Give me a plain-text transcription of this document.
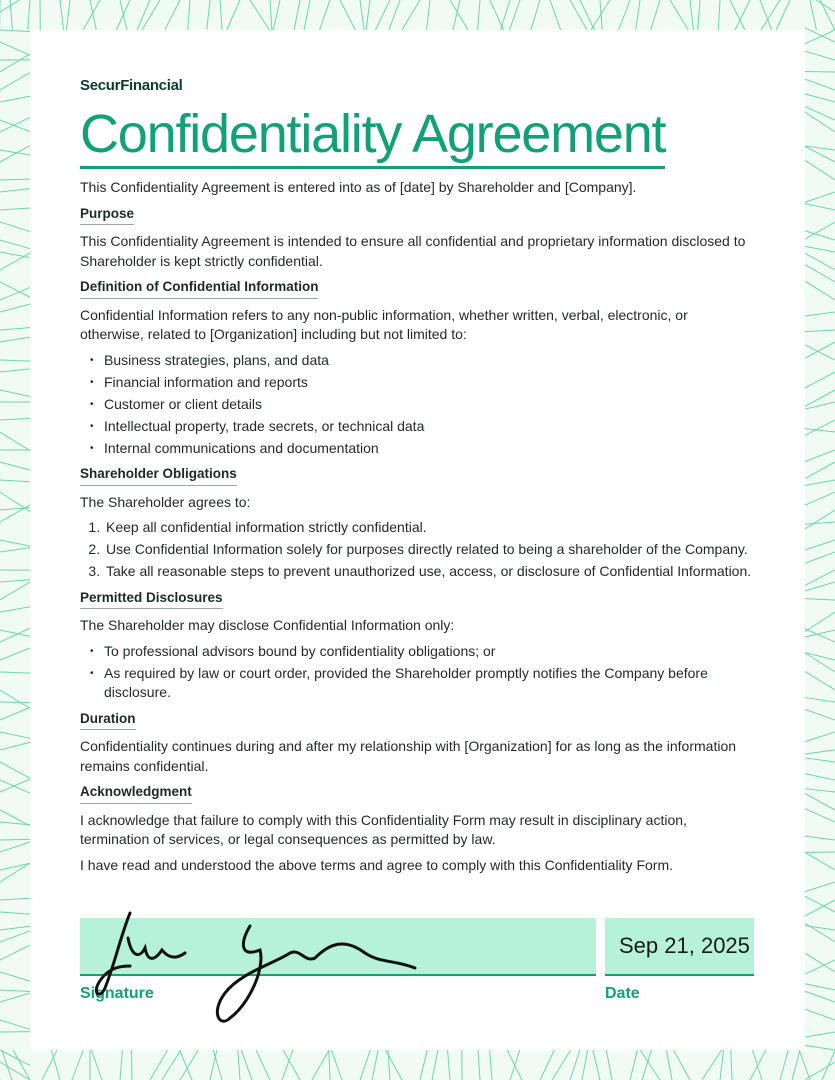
SecurFinancial
Confidentiality Agreement

This Confidentiality Agreement is entered into as of [date] by Shareholder and [Company].

Purpose

This Confidentiality Agreement is intended to ensure all confidential and proprietary information disclosed to Shareholder is kept strictly confidential.

Definition of Confidential Information

Confidential Information refers to any non-public information, whether written, verbal, electronic, or otherwise, related to [Organization] including but not limited to:

• Business strategies, plans, and data
• Financial information and reports
• Customer or client details
• Intellectual property, trade secrets, or technical data
• Internal communications and documentation
Shareholder Obligations

The Shareholder agrees to:

1. Keep all confidential information strictly confidential.
2. Use Confidential Information solely for purposes directly related to being a shareholder of the Company.
3. Take all reasonable steps to prevent unauthorized use, access, or disclosure of Confidential Information.
Permitted Disclosures

The Shareholder may disclose Confidential Information only:

• To professional advisors bound by confidentiality obligations; or
• As required by law or court order, provided the Shareholder promptly notifies the Company before disclosure.
Duration

Confidentiality continues during and after my relationship with [Organization] for as long as the information remains confidential.

Acknowledgment

I acknowledge that failure to comply with this Confidentiality Form may result in disciplinary action, termination of services, or legal consequences as permitted by law.

I have read and understood the above terms and agree to comply with this Confidentiality Form.

Sep 21, 2025
Signature	Date
